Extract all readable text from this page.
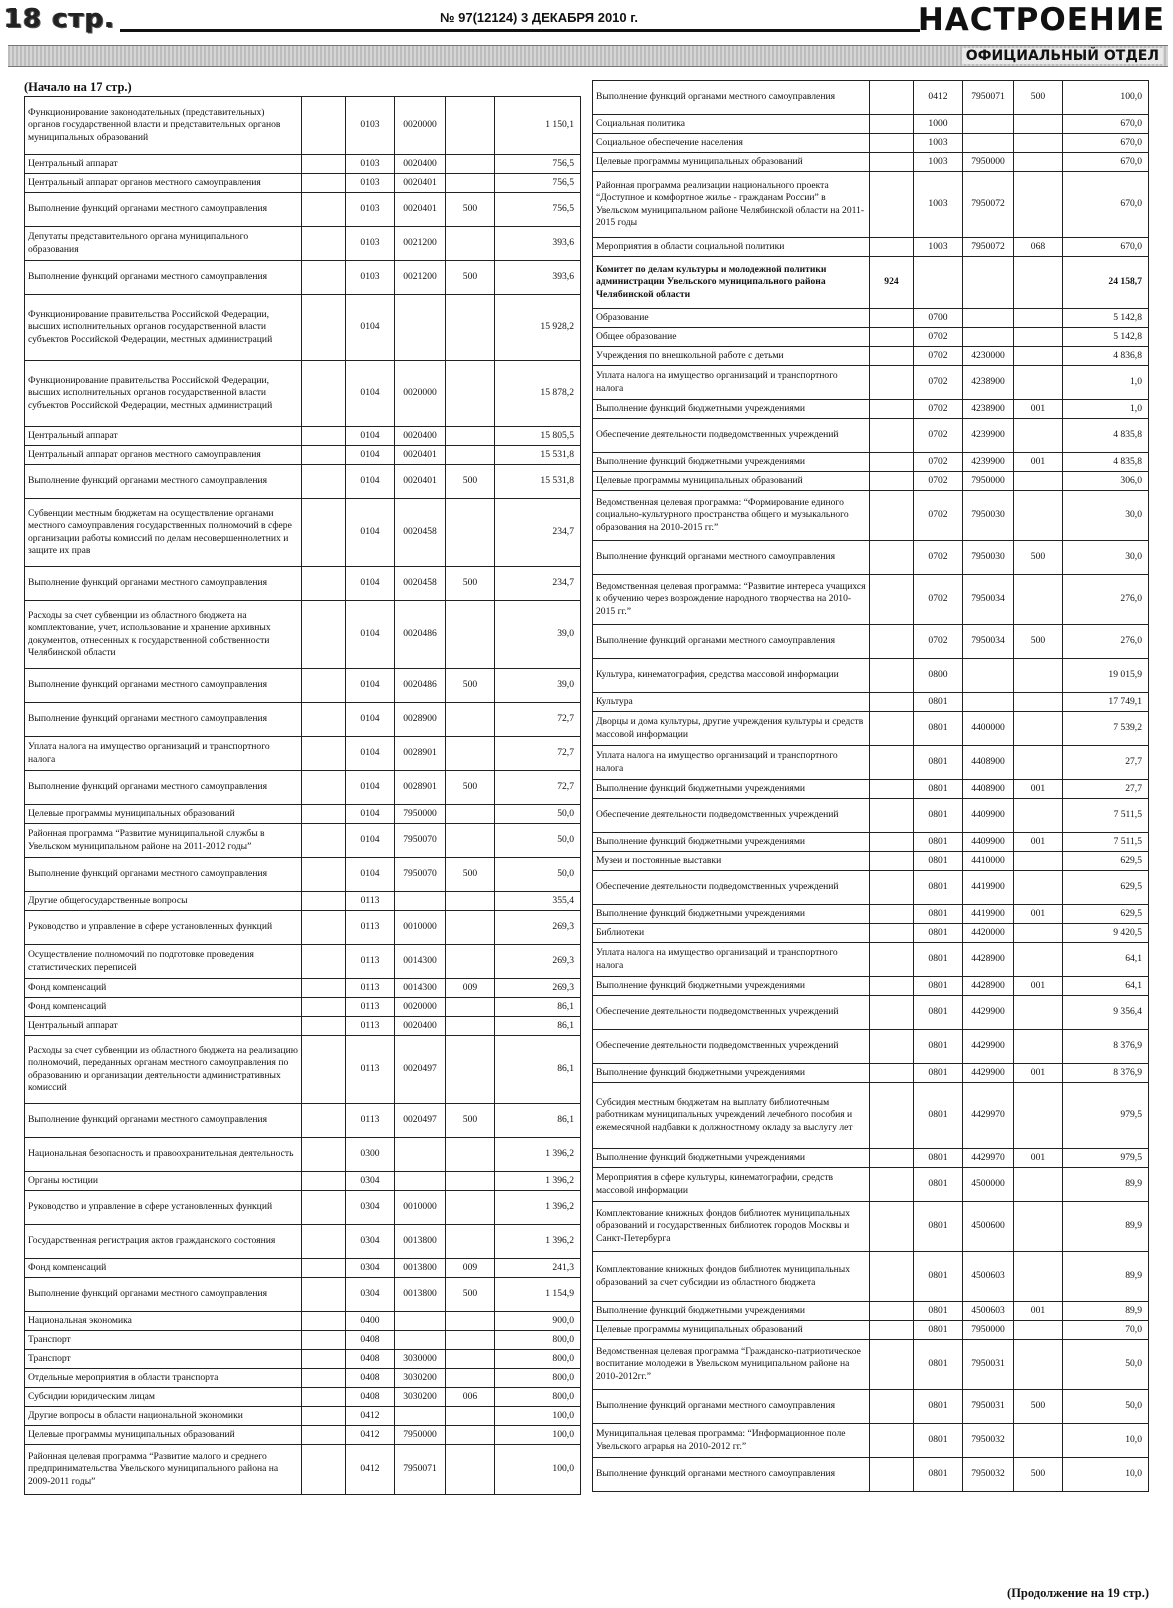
18 стр.	№ 97(12124) 3 ДЕКАБРЯ 2010 г.	НАСТРОЕНИЕ
ОФИЦИАЛЬНЫЙ ОТДЕЛ
(Начало на 17 стр.)
Функционирование законодательных (представительных) органов государственной власти и представительных органов муниципальных образований		0103	0020000		1 150,1
Центральный аппарат		0103	0020400		756,5
Центральный аппарат органов местного самоуправления		0103	0020401		756,5
Выполнение функций органами местного самоуправления		0103	0020401	500	756,5
Депутаты представительного органа муниципального образования		0103	0021200		393,6
Выполнение функций органами местного самоуправления		0103	0021200	500	393,6
Функционирование правительства Российской Федерации, высших исполнительных органов государственной власти субъектов Российской Федерации, местных администраций		0104			15 928,2
Функционирование правительства Российской Федерации, высших исполнительных органов государственной власти субъектов Российской Федерации, местных администраций		0104	0020000		15 878,2
Центральный аппарат		0104	0020400		15 805,5
Центральный аппарат органов местного самоуправления		0104	0020401		15 531,8
Выполнение функций органами местного самоуправления		0104	0020401	500	15 531,8
Субвенции местным бюджетам на осуществление органами местного самоуправления государственных полномочий в сфере организации работы комиссий по делам несовершеннолетних и защите их прав		0104	0020458		234,7
Выполнение функций органами местного самоуправления		0104	0020458	500	234,7
Расходы за счет субвенции из областного бюджета на комплектование, учет, использование и хранение архивных документов, отнесенных к государственной собственности Челябинской области		0104	0020486		39,0
Выполнение функций органами местного самоуправления		0104	0020486	500	39,0
Выполнение функций органами местного самоуправления		0104	0028900		72,7
Уплата налога на имущество организаций и транспортного налога		0104	0028901		72,7
Выполнение функций органами местного самоуправления		0104	0028901	500	72,7
Целевые программы муниципальных образований		0104	7950000		50,0
Районная программа “Развитие муниципальной службы в Увельском муниципальном районе на 2011-2012 годы”		0104	7950070		50,0
Выполнение функций органами местного самоуправления		0104	7950070	500	50,0
Другие общегосударственные вопросы		0113			355,4
Руководство и управление в сфере установленных функций		0113	0010000		269,3
Осуществление полномочий по подготовке проведения статистических переписей		0113	0014300		269,3
Фонд компенсаций		0113	0014300	009	269,3
Фонд компенсаций		0113	0020000		86,1
Центральный аппарат		0113	0020400		86,1
Расходы за счет субвенции из областного бюджета на реализацию полномочий, переданных органам местного самоуправления по образованию и организации деятельности административных комиссий		0113	0020497		86,1
Выполнение функций органами местного самоуправления		0113	0020497	500	86,1
Национальная безопасность и правоохранительная деятельность		0300			1 396,2
Органы юстиции		0304			1 396,2
Руководство и управление в сфере установленных функций		0304	0010000		1 396,2
Государственная регистрация актов гражданского состояния		0304	0013800		1 396,2
Фонд компенсаций		0304	0013800	009	241,3
Выполнение функций органами местного самоуправления		0304	0013800	500	1 154,9
Национальная экономика		0400			900,0
Транспорт		0408			800,0
Транспорт		0408	3030000		800,0
Отдельные мероприятия в области транспорта		0408	3030200		800,0
Субсидии юридическим лицам		0408	3030200	006	800,0
Другие вопросы в области национальной экономики		0412			100,0
Целевые программы муниципальных образований		0412	7950000		100,0
Районная целевая программа “Развитие малого и среднего предпринимательства Увельского муниципального района на 2009-2011 годы”		0412	7950071		100,0
Выполнение функций органами местного самоуправления		0412	7950071	500	100,0
Социальная политика		1000			670,0
Социальное обеспечение населения		1003			670,0
Целевые программы муниципальных образований		1003	7950000		670,0
Районная программа реализации национального проекта “Доступное и комфортное жилье - гражданам России” в Увельском муниципальном районе Челябинской области на 2011-2015 годы		1003	7950072		670,0
Мероприятия в области социальной политики		1003	7950072	068	670,0
Комитет по делам культуры и молодежной политики администрации Увельского муниципального района Челябинской области	924				24 158,7
Образование		0700			5 142,8
Общее образование		0702			5 142,8
Учреждения по внешкольной работе с детьми		0702	4230000		4 836,8
Уплата налога на имущество организаций и транспортного налога		0702	4238900		1,0
Выполнение функций бюджетными учреждениями		0702	4238900	001	1,0
Обеспечение деятельности подведомственных учреждений		0702	4239900		4 835,8
Выполнение функций бюджетными учреждениями		0702	4239900	001	4 835,8
Целевые программы муниципальных образований		0702	7950000		306,0
Ведомственная целевая программа: “Формирование единого социально-культурного пространства общего и музыкального образования на 2010-2015 гг.”		0702	7950030		30,0
Выполнение функций органами местного самоуправления		0702	7950030	500	30,0
Ведомственная целевая программа: “Развитие интереса учащихся к обучению через возрождение народного творчества на 2010-2015 гг.”		0702	7950034		276,0
Выполнение функций органами местного самоуправления		0702	7950034	500	276,0
Культура, кинематография, средства массовой информации		0800			19 015,9
Культура		0801			17 749,1
Дворцы и дома культуры, другие учреждения культуры и средств массовой информации		0801	4400000		7 539,2
Уплата налога на имущество организаций и транспортного налога		0801	4408900		27,7
Выполнение функций бюджетными учреждениями		0801	4408900	001	27,7
Обеспечение деятельности подведомственных учреждений		0801	4409900		7 511,5
Выполнение функций бюджетными учреждениями		0801	4409900	001	7 511,5
Музеи и постоянные выставки		0801	4410000		629,5
Обеспечение деятельности подведомственных учреждений		0801	4419900		629,5
Выполнение функций бюджетными учреждениями		0801	4419900	001	629,5
Библиотеки		0801	4420000		9 420,5
Уплата налога на имущество организаций и транспортного налога		0801	4428900		64,1
Выполнение функций бюджетными учреждениями		0801	4428900	001	64,1
Обеспечение деятельности подведомственных учреждений		0801	4429900		9 356,4
Обеспечение деятельности подведомственных учреждений		0801	4429900		8 376,9
Выполнение функций бюджетными учреждениями		0801	4429900	001	8 376,9
Субсидия местным бюджетам на выплату библиотечным работникам муниципальных учреждений лечебного пособия и ежемесячной надбавки к должностному окладу за выслугу лет		0801	4429970		979,5
Выполнение функций бюджетными учреждениями		0801	4429970	001	979,5
Мероприятия в сфере культуры, кинематографии, средств массовой информации		0801	4500000		89,9
Комплектование книжных фондов библиотек муниципальных образований и государственных библиотек городов Москвы и Санкт-Петербурга		0801	4500600		89,9
Комплектование книжных фондов библиотек муниципальных образований за счет субсидии из областного бюджета		0801	4500603		89,9
Выполнение функций бюджетными учреждениями		0801	4500603	001	89,9
Целевые программы муниципальных образований		0801	7950000		70,0
Ведомственная целевая программа “Гражданско-патриотическое воспитание молодежи в Увельском муниципальном районе на 2010-2012гг.”		0801	7950031		50,0
Выполнение функций органами местного самоуправления		0801	7950031	500	50,0
Муниципальная целевая программа: “Информационное поле Увельского аграрья на 2010-2012 гг.”		0801	7950032		10,0
Выполнение функций органами местного самоуправления		0801	7950032	500	10,0
(Продолжение на 19 стр.)
